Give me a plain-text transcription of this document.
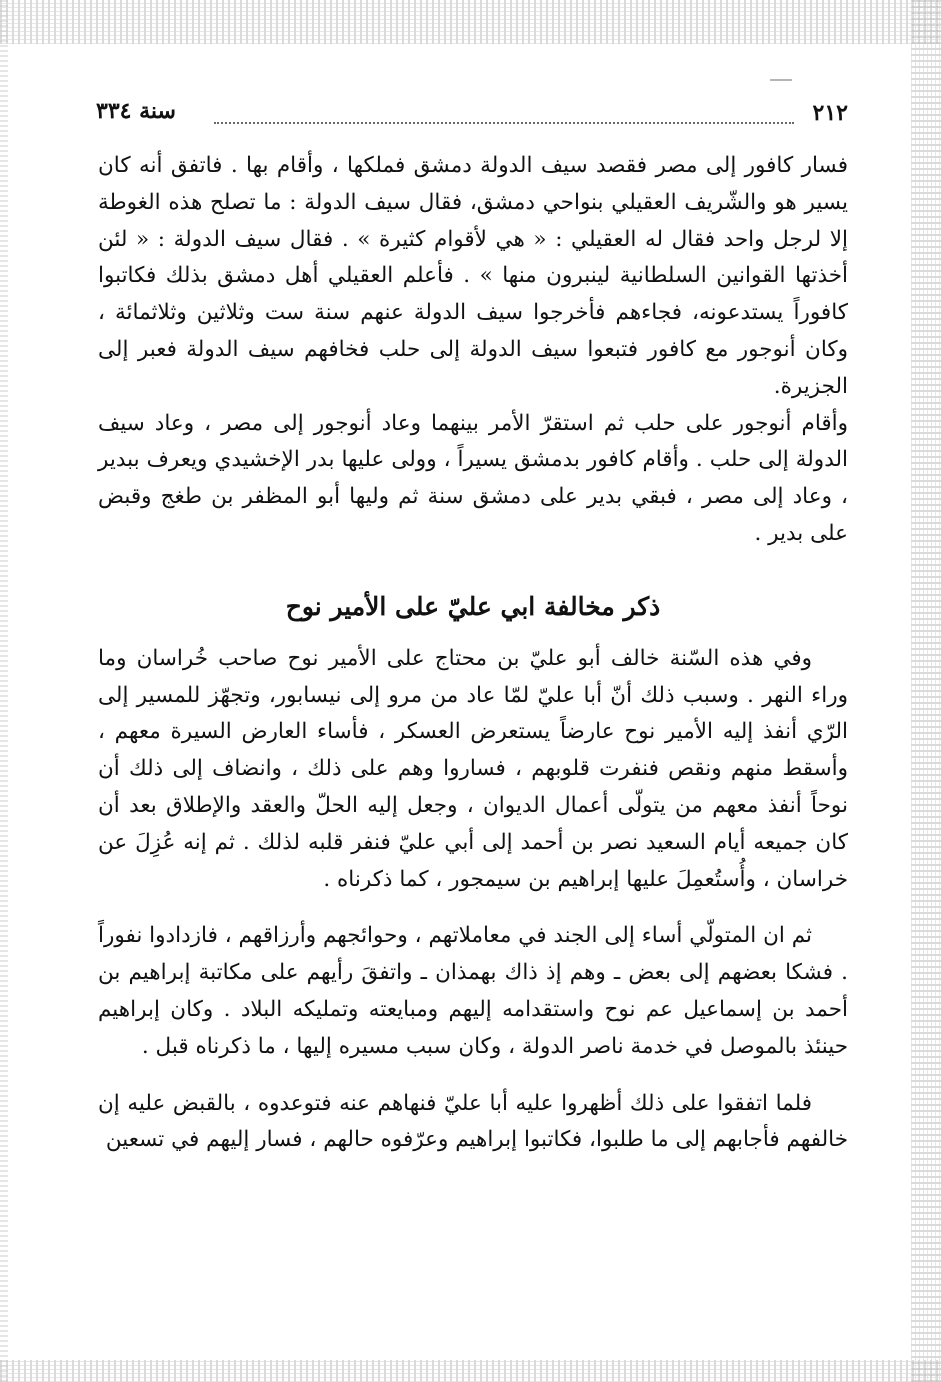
٢١٢
سنة ٣٣٤

فسار كافور إلى مصر فقصد سيف الدولة دمشق فملكها ، وأقام بها . فاتفق أنه كان يسير هو والشّريف العقيلي بنواحي دمشق، فقال سيف الدولة : ما تصلح هذه الغوطة إلا لرجل واحد فقال له العقيلي : « هي لأقوام كثيرة » . فقال سيف الدولة : « لئن أخذتها القوانين السلطانية لينبرون منها » . فأعلم العقيلي أهل دمشق بذلك فكاتبوا كافوراً يستدعونه، فجاءهم فأخرجوا سيف الدولة عنهم سنة ست وثلاثين وثلاثمائة ، وكان أنوجور مع كافور فتبعوا سيف الدولة إلى حلب فخافهم سيف الدولة فعبر إلى الجزيرة.

وأقام أنوجور على حلب ثم استقرّ الأمر بينهما وعاد أنوجور إلى مصر ، وعاد سيف الدولة إلى حلب . وأقام كافور بدمشق يسيراً ، وولى عليها بدر الإخشيدي ويعرف ببدير ، وعاد إلى مصر ، فبقي بدير على دمشق سنة ثم وليها أبو المظفر بن طغج وقبض على بدير .

ذكر مخالفة ابي عليّ على الأمير نوح

وفي هذه السّنة خالف أبو عليّ بن محتاج على الأمير نوح صاحب خُراسان وما وراء النهر . وسبب ذلك أنّ أبا عليّ لمّا عاد من مرو إلى نيسابور، وتجهّز للمسير إلى الرّي أنفذ إليه الأمير نوح عارضاً يستعرض العسكر ، فأساء العارض السيرة معهم ، وأسقط منهم ونقص فنفرت قلوبهم ، فساروا وهم على ذلك ، وانضاف إلى ذلك أن نوحاً أنفذ معهم من يتولّى أعمال الديوان ، وجعل إليه الحلّ والعقد والإطلاق بعد أن كان جميعه أيام السعيد نصر بن أحمد إلى أبي عليّ فنفر قلبه لذلك . ثم إنه عُزِلَ عن خراسان ، وأُستُعمِلَ عليها إبراهيم بن سيمجور ، كما ذكرناه .

ثم ان المتولّي أساء إلى الجند في معاملاتهم ، وحوائجهم وأرزاقهم ، فازدادوا نفوراً . فشكا بعضهم إلى بعض ـ وهم إذ ذاك بهمذان ـ واتفقَ رأيهم على مكاتبة إبراهيم بن أحمد بن إسماعيل عم نوح واستقدامه إليهم ومبايعته وتمليكه البلاد . وكان إبراهيم حينئذ بالموصل في خدمة ناصر الدولة ، وكان سبب مسيره إليها ، ما ذكرناه قبل .

فلما اتفقوا على ذلك أظهروا عليه أبا عليّ فنهاهم عنه فتوعدوه ، بالقبض عليه إن خالفهم فأجابهم إلى ما طلبوا، فكاتبوا إبراهيم وعرّفوه حالهم ، فسار إليهم في تسعين
